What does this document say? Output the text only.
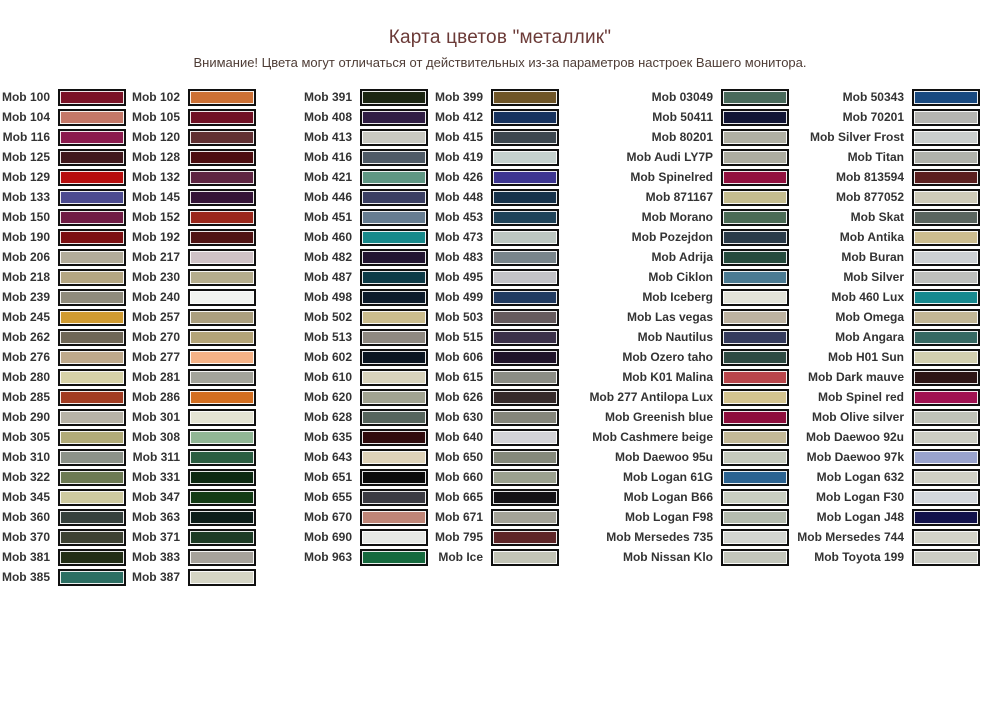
Карта цветов "металлик"
Внимание! Цвета могут отличаться от действительных из-за параметров настроек Вашего монитора.
Mob 100
Mob 104
Mob 116
Mob 125
Mob 129
Mob 133
Mob 150
Mob 190
Mob 206
Mob 218
Mob 239
Mob 245
Mob 262
Mob 276
Mob 280
Mob 285
Mob 290
Mob 305
Mob 310
Mob 322
Mob 345
Mob 360
Mob 370
Mob 381
Mob 385
Mob 102
Mob 105
Mob 120
Mob 128
Mob 132
Mob 145
Mob 152
Mob 192
Mob 217
Mob 230
Mob 240
Mob 257
Mob 270
Mob 277
Mob 281
Mob 286
Mob 301
Mob 308
Mob 311
Mob 331
Mob 347
Mob 363
Mob 371
Mob 383
Mob 387
Mob 391
Mob 408
Mob 413
Mob 416
Mob 421
Mob 446
Mob 451
Mob 460
Mob 482
Mob 487
Mob 498
Mob 502
Mob 513
Mob 602
Mob 610
Mob 620
Mob 628
Mob 635
Mob 643
Mob 651
Mob 655
Mob 670
Mob 690
Mob 963
Mob 399
Mob 412
Mob 415
Mob 419
Mob 426
Mob 448
Mob 453
Mob 473
Mob 483
Mob 495
Mob 499
Mob 503
Mob 515
Mob 606
Mob 615
Mob 626
Mob 630
Mob 640
Mob 650
Mob 660
Mob 665
Mob 671
Mob 795
Mob Ice
Mob 03049
Mob 50411
Mob 80201
Mob Audi LY7P
Mob Spinelred
Mob 871167
Mob Morano
Mob Pozejdon
Mob Adrija
Mob Ciklon
Mob Iceberg
Mob Las vegas
Mob Nautilus
Mob Ozero taho
Mob K01 Malina
Mob 277 Antilopa Lux
Mob Greenish blue
Mob Cashmere beige
Mob Daewoo 95u
Mob Logan 61G
Mob Logan B66
Mob Logan F98
Mob Mersedes 735
Mob Nissan Klo
Mob 50343
Mob 70201
Mob Silver Frost
Mob Titan
Mob 813594
Mob 877052
Mob Skat
Mob Antika
Mob Buran
Mob Silver
Mob 460 Lux
Mob Omega
Mob Angara
Mob H01 Sun
Mob Dark mauve
Mob Spinel red
Mob Olive silver
Mob Daewoo 92u
Mob Daewoo 97k
Mob Logan 632
Mob Logan F30
Mob Logan J48
Mob Mersedes 744
Mob Toyota 199
